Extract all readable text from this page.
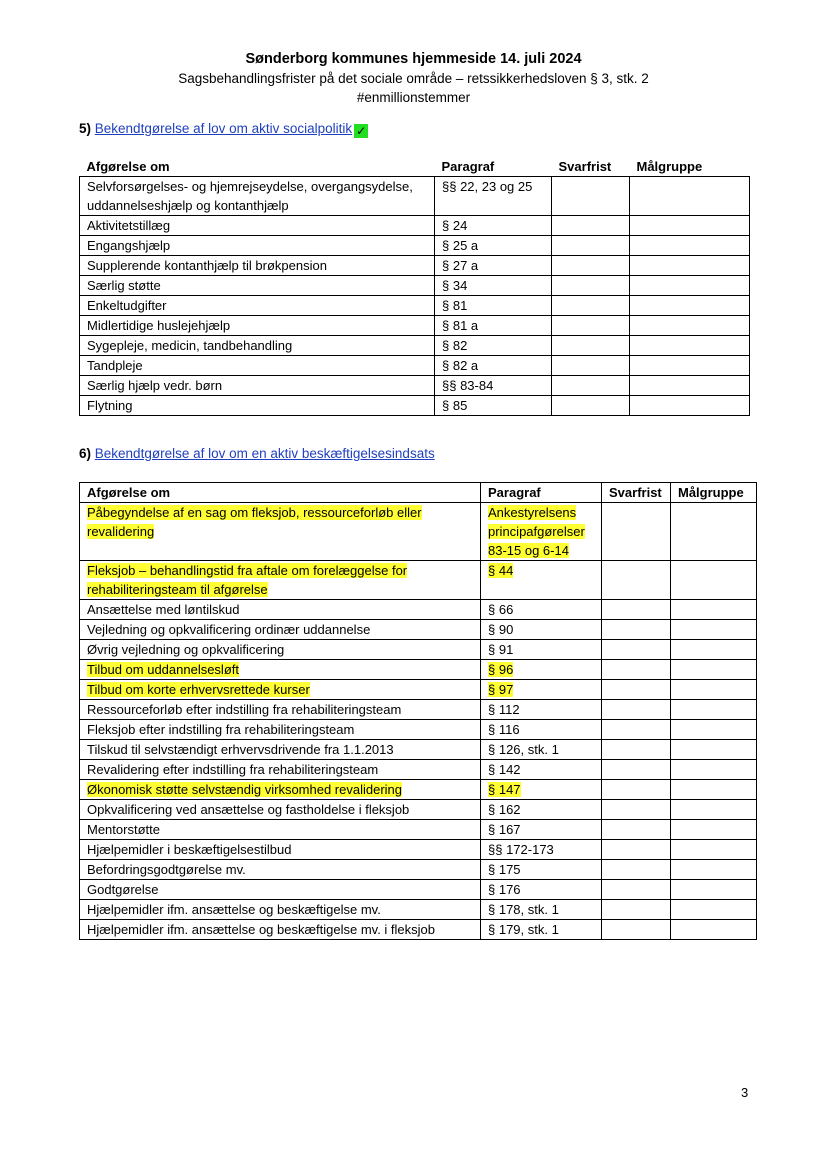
Sønderborg kommunes hjemmeside 14. juli 2024
Sagsbehandlingsfrister på det sociale område – retssikkerhedsloven § 3, stk. 2
#enmillionstemmer
5) Bekendtgørelse af lov om aktiv socialpolitik ✓
Afgørelse om	Paragraf	Svarfrist	Målgruppe
Selvforsørgelses- og hjemrejseydelse, overgangsydelse, uddannelseshjælp og kontanthjælp	§§ 22, 23 og 25		
Aktivitetstillæg	§ 24		
Engangshjælp	§ 25 a		
Supplerende kontanthjælp til brøkpension	§ 27 a		
Særlig støtte	§ 34		
Enkeltudgifter	§ 81		
Midlertidige huslejehjælp	§ 81 a		
Sygepleje, medicin, tandbehandling	§ 82		
Tandpleje	§ 82 a		
Særlig hjælp vedr. børn	§§ 83-84		
Flytning	§ 85		
6) Bekendtgørelse af lov om en aktiv beskæftigelsesindsats
Afgørelse om	Paragraf	Svarfrist	Målgruppe
Påbegyndelse af en sag om fleksjob, ressourceforløb eller revalidering	Ankestyrelsens principafgørelser 83-15 og 6-14		
Fleksjob – behandlingstid fra aftale om forelæggelse for rehabiliteringsteam til afgørelse	§ 44		
Ansættelse med løntilskud	§ 66		
Vejledning og opkvalificering ordinær uddannelse	§ 90		
Øvrig vejledning og opkvalificering	§ 91		
Tilbud om uddannelsesløft	§ 96		
Tilbud om korte erhvervsrettede kurser	§ 97		
Ressourceforløb efter indstilling fra rehabiliteringsteam	§ 112		
Fleksjob efter indstilling fra rehabiliteringsteam	§ 116		
Tilskud til selvstændigt erhvervsdrivende fra 1.1.2013	§ 126, stk. 1		
Revalidering efter indstilling fra rehabiliteringsteam	§ 142		
Økonomisk støtte selvstændig virksomhed revalidering	§ 147		
Opkvalificering ved ansættelse og fastholdelse i fleksjob	§ 162		
Mentorstøtte	§ 167		
Hjælpemidler i beskæftigelsestilbud	§§ 172-173		
Befordringsgodtgørelse mv.	§ 175		
Godtgørelse	§ 176		
Hjælpemidler ifm. ansættelse og beskæftigelse mv.	§ 178, stk. 1		
Hjælpemidler ifm. ansættelse og beskæftigelse mv. i fleksjob	§ 179, stk. 1		
3
